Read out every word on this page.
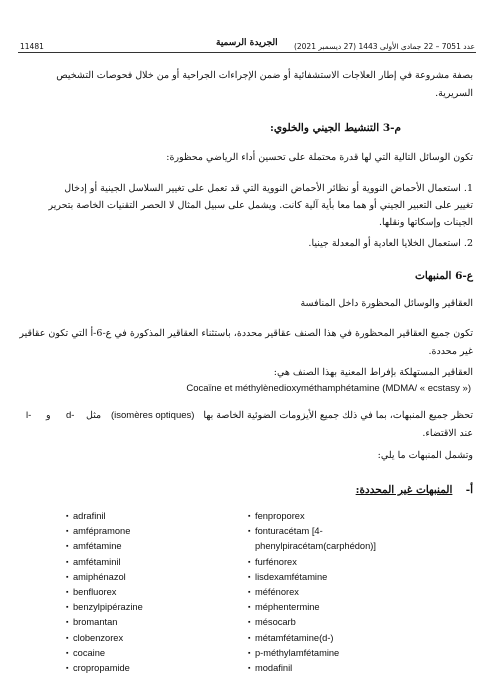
11481	الجريدة الرسمية عدد 7051 – 22 جمادى الأولى 1443 (27 ديسمبر 2021)
بصفة مشروعة في إطار العلاجات الاستشفائية أو ضمن الإجراءات الجراحية أو من خلال فحوصات التشخيص
السريرية.
م-3 التنشيط الجيني والخلوي:
تكون الوسائل التالية التي لها قدرة محتملة على تحسين أداء الرياضي محظورة:
1. استعمال الأحماض النووية أو نظائر الأحماض النووية التي قد تعمل على تغيير السلاسل الجينية أو إدخال
تغيير على التعبير الجيني أو هما معا بأية آلية كانت. ويشمل على سبيل المثال لا الحصر التقنيات الخاصة بتحرير
الجينات وإسكاتها ونقلها.
2. استعمال الخلايا العادية أو المعدلة جينيا.
ع-6 المنبهات
العقاقير والوسائل المحظورة داخل المنافسة
تكون جميع العقاقير المحظورة في هذا الصنف عقاقير محددة، باستثناء العقاقير المذكورة في ع-6-أ التي تكون عقاقير
غير محددة.
العقاقير المستهلكة بإفراط المعنية بهذا الصنف هي:
Cocaïne et méthylènedioxyméthamphétamine (MDMA/ « ecstasy »)
تحظر جميع المنبهات، بما في ذلك جميع الأيزومات الضوئية الخاصة بها
(isomères optiques)
مثل
d-
و
l-
عند الاقتضاء.
وتشمل المنبهات ما يلي:
أ-  المنبهات غير المحددة:
▪ adrafinil
▪ amfépramone
▪ amfétamine
▪ amfétaminil
▪ amiphénazol
▪ benfluorex
▪ benzylpipérazine
▪ bromantan
▪ clobenzorex
▪ cocaine
▪ cropropamide
▪ fenproporex
▪ fonturacétam [4-
phenylpiracétam(carphédon)]
▪ furfénorex
▪ lisdexamfétamine
▪ méfénorex
▪ méphentermine
▪ mésocarb
▪ métamfétamine(d-)
▪ p-méthylamfétamine
▪ modafinil
